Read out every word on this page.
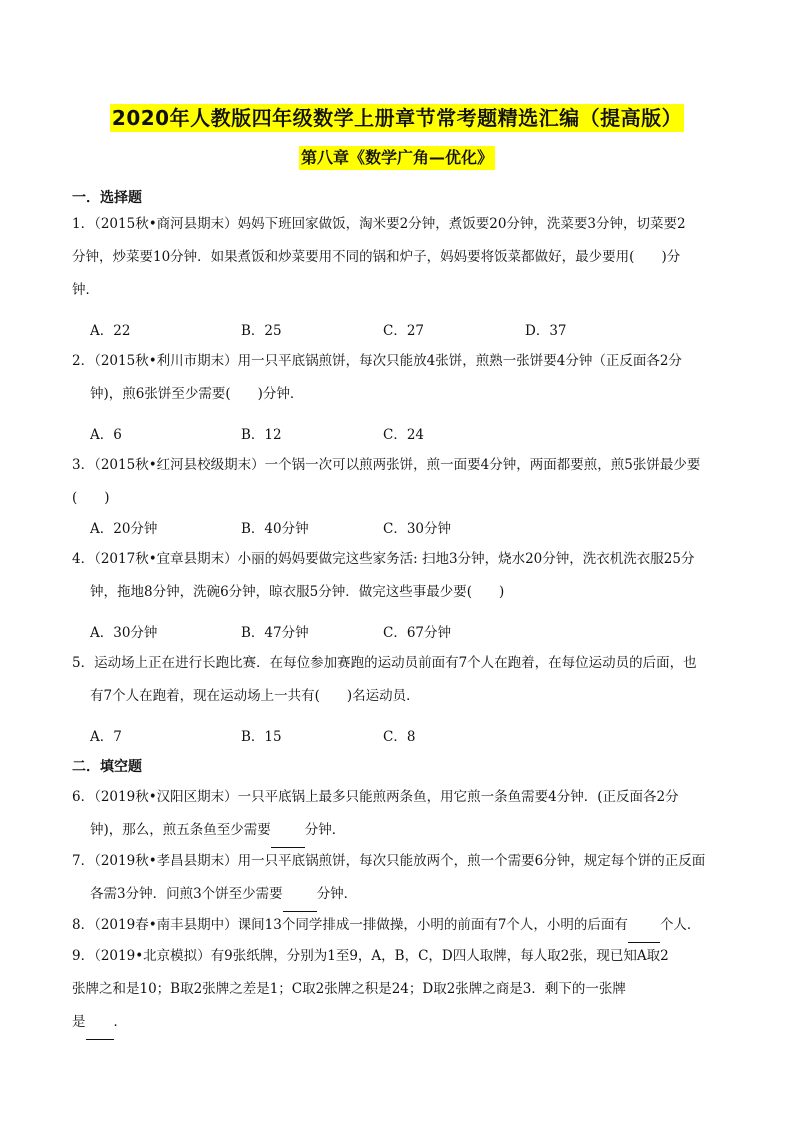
2020年人教版四年级数学上册章节常考题精选汇编（提高版）
第八章《数学广角—优化》
一．选择题
1．（2015秋•商河县期末）妈妈下班回家做饭，淘米要2分钟，煮饭要20分钟，洗菜要3分钟，切菜要2
分钟，炒菜要10分钟．如果煮饭和炒菜要用不同的锅和炉子，妈妈要将饭菜都做好，最少要用(　　)分
钟．
A．22	B．25	C．27	D．37
2．（2015秋•利川市期末）用一只平底锅煎饼，每次只能放4张饼，煎熟一张饼要4分钟（正反面各2分
钟)，煎6张饼至少需要(　　)分钟．
A．6	B．12	C．24
3．（2015秋•红河县校级期末）一个锅一次可以煎两张饼，煎一面要4分钟，两面都要煎，煎5张饼最少要
(　　)
A．20分钟	B．40分钟	C．30分钟
4．（2017秋•宜章县期末）小丽的妈妈要做完这些家务活: 扫地3分钟，烧水20分钟，洗衣机洗衣服25分
钟，拖地8分钟，洗碗6分钟，晾衣服5分钟．做完这些事最少要(　　)
A．30分钟	B．47分钟	C．67分钟
5．运动场上正在进行长跑比赛．在每位参加赛跑的运动员前面有7个人在跑着，在每位运动员的后面，也
有7个人在跑着，现在运动场上一共有(　　)名运动员．
A．7	B．15	C．8
二．填空题
6．（2019秋•汉阳区期末）一只平底锅上最多只能煎两条鱼，用它煎一条鱼需要4分钟．(正反面各2分
钟)，那么，煎五条鱼至少需要	分钟．
7．（2019秋•孝昌县期末）用一只平底锅煎饼，每次只能放两个，煎一个需要6分钟，规定每个饼的正反面
各需3分钟．问煎3个饼至少需要	分钟．
8．（2019春•南丰县期中）课间13个同学排成一排做操，小明的前面有7个人，小明的后面有 个人．
9．（2019•北京模拟）有9张纸牌，分别为1至9，A，B，C，D四人取牌，每人取2张，现已知A取2
张牌之和是10；B取2张牌之差是1；C取2张牌之积是24；D取2张牌之商是3．剩下的一张牌
是 ．
